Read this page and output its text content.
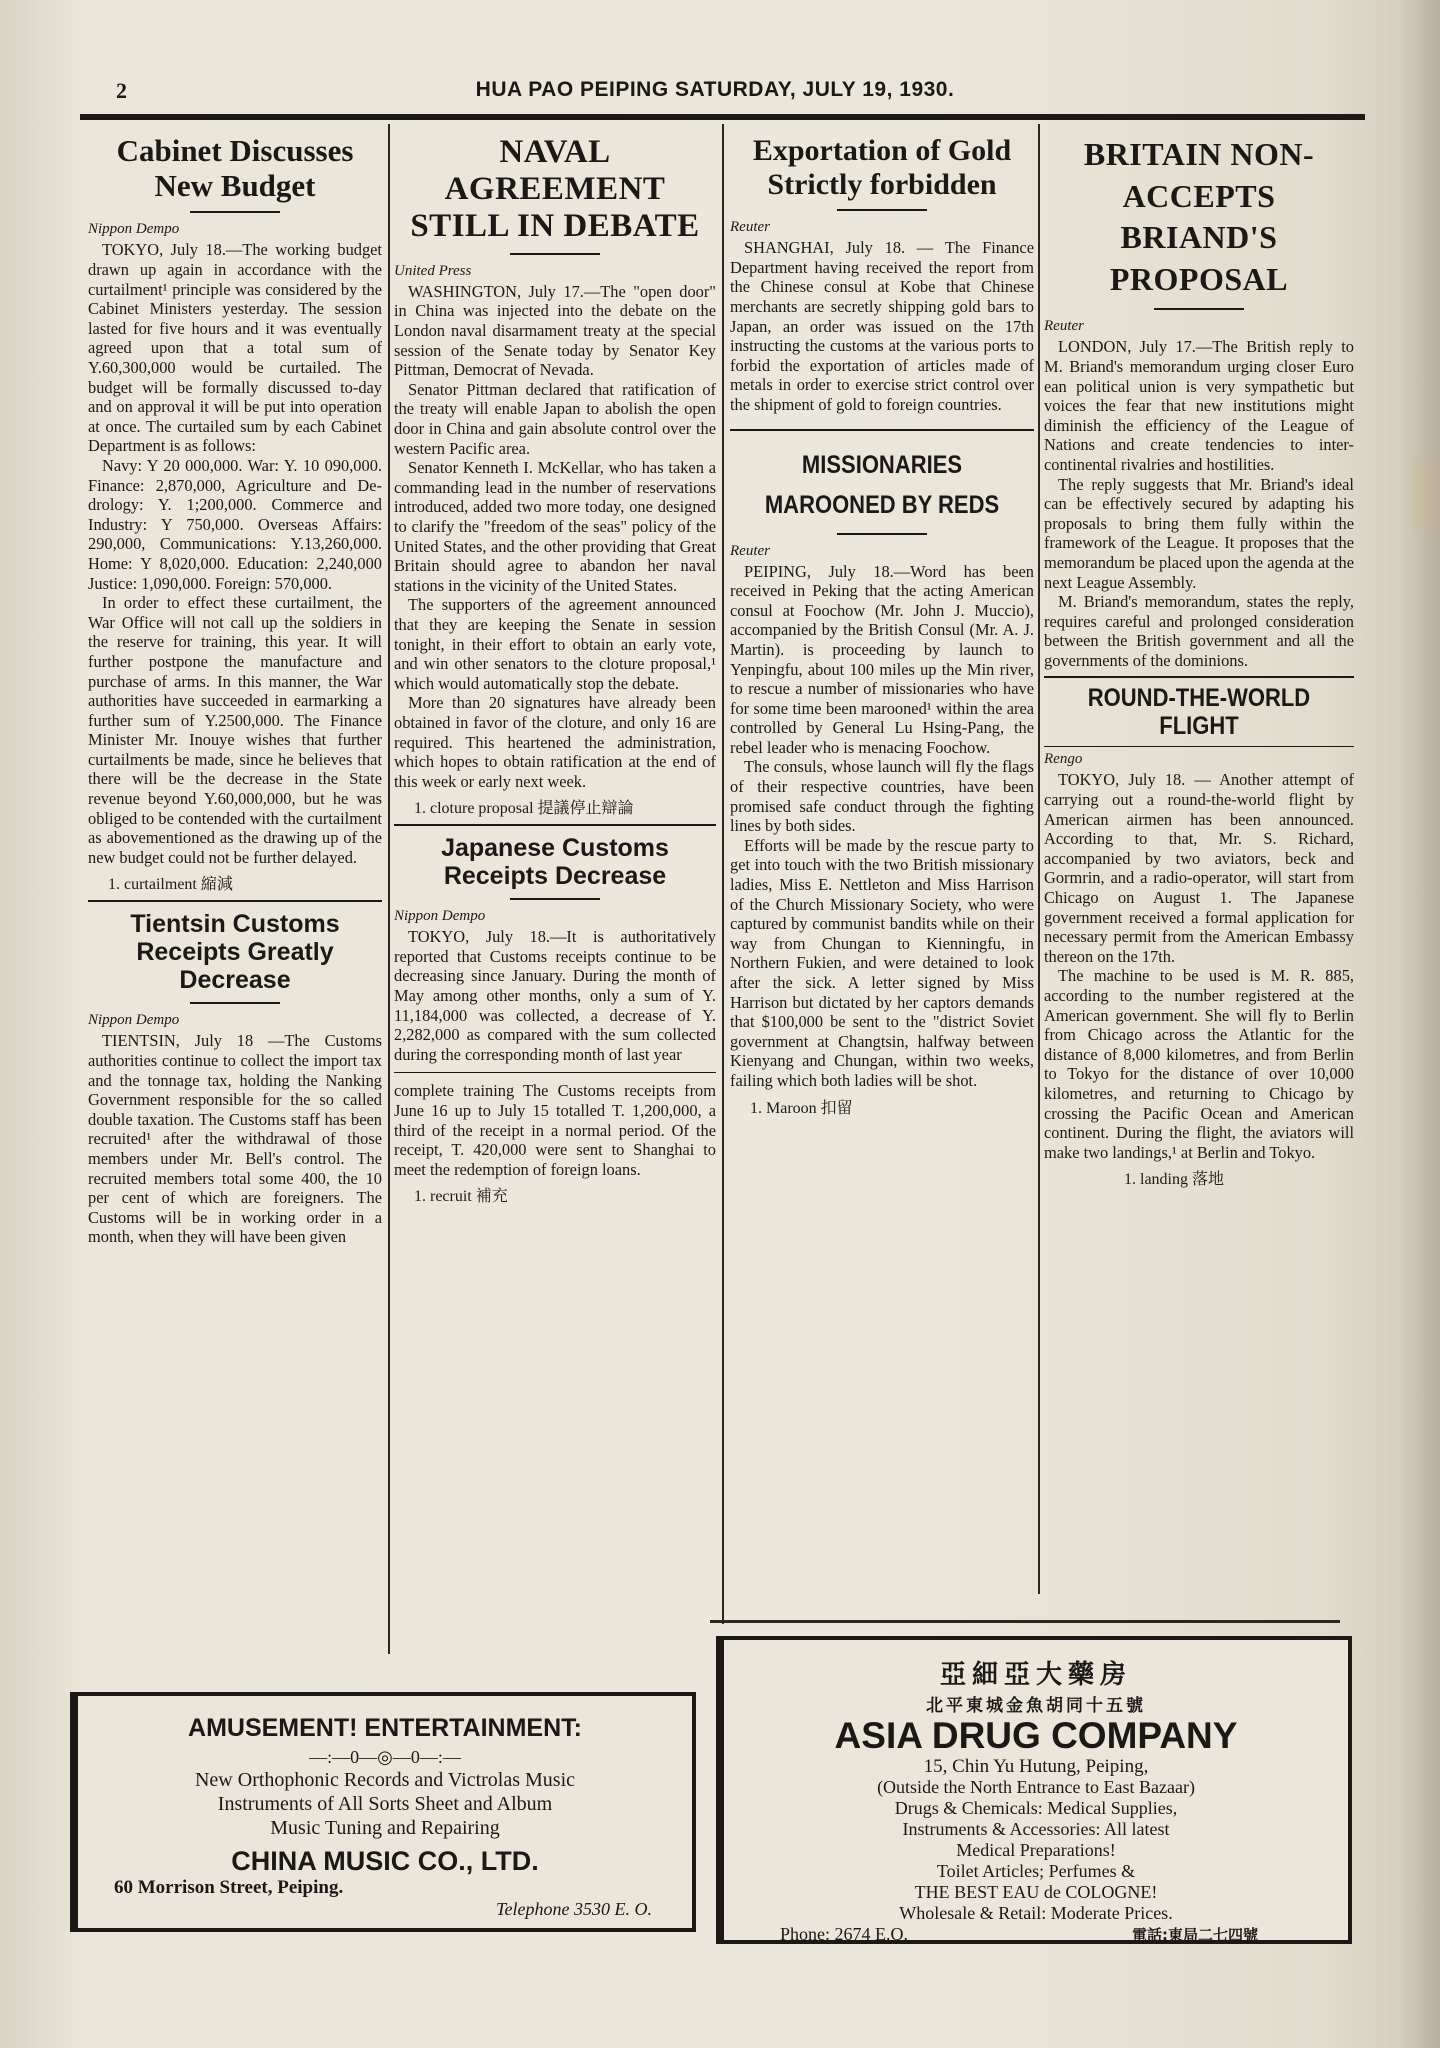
2	HUA PAO PEIPING SATURDAY, JULY 19, 1930.
Cabinet Discusses New Budget
Nippon Dempo

TOKYO, July 18.—The working budget drawn up again in accordance with the curtailment¹ principle was considered by the Cabinet Ministers yesterday. The session lasted for five hours and it was eventually agreed upon that a total sum of Y.60,300,000 would be curtailed. The budget will be formally discussed to-day and on approval it will be put into operation at once. The curtailed sum by each Cabinet Department is as follows:

Navy: Y 20 000,000. War: Y. 10 090,000. Finance: 2,870,000, Agriculture and De-drology: Y. 1;200,000. Commerce and Industry: Y 750,000. Overseas Affairs: 290,000, Communications: Y.13,260,000. Home: Y 8,020,000. Education: 2,240,000 Justice: 1,090,000. Foreign: 570,000.

In order to effect these curtailment, the War Office will not call up the soldiers in the reserve for training, this year. It will further postpone the manufacture and purchase of arms. In this manner, the War authorities have succeeded in earmarking a further sum of Y.2500,000. The Finance Minister Mr. Inouye wishes that further curtailments be made, since he believes that there will be the decrease in the State revenue beyond Y.60,000,000, but he was obliged to be contended with the curtailment as abovementioned as the drawing up of the new budget could not be further delayed.

1. curtailment 縮減
Tientsin Customs Receipts Greatly Decrease
Nippon Dempo

TIENTSIN, July 18 —The Customs authorities continue to collect the import tax and the tonnage tax, holding the Nanking Government responsible for the so called double taxation. The Customs staff has been recruited¹ after the withdrawal of those members under Mr. Bell's control. The recruited members total some 400, the 10 per cent of which are foreigners. The Customs will be in working order in a month, when they will have been given

NAVAL AGREEMENT STILL IN DEBATE
United Press

WASHINGTON, July 17.—The "open door" in China was injected into the debate on the London naval disarmament treaty at the special session of the Senate today by Senator Key Pittman, Democrat of Nevada.

Senator Pittman declared that ratification of the treaty will enable Japan to abolish the open door in China and gain absolute control over the western Pacific area.

Senator Kenneth I. McKellar, who has taken a commanding lead in the number of reservations introduced, added two more today, one designed to clarify the "freedom of the seas" policy of the United States, and the other providing that Great Britain should agree to abandon her naval stations in the vicinity of the United States.

The supporters of the agreement announced that they are keeping the Senate in session tonight, in their effort to obtain an early vote, and win other senators to the cloture proposal,¹ which would automatically stop the debate.

More than 20 signatures have already been obtained in favor of the cloture, and only 16 are required. This heartened the administration, which hopes to obtain ratification at the end of this week or early next week.

1. cloture proposal 提議停止辯論
Japanese Customs Receipts Decrease
Nippon Dempo

TOKYO, July 18.—It is authoritatively reported that Customs receipts continue to be decreasing since January. During the month of May among other months, only a sum of Y. 11,184,000 was collected, a decrease of Y. 2,282,000 as compared with the sum collected during the corresponding month of last year

complete training The Customs receipts from June 16 up to July 15 totalled T. 1,200,000, a third of the receipt in a normal period. Of the receipt, T. 420,000 were sent to Shanghai to meet the redemption of foreign loans.

1. recruit 補充
Exportation of Gold Strictly forbidden
Reuter

SHANGHAI, July 18. — The Finance Department having received the report from the Chinese consul at Kobe that Chinese merchants are secretly shipping gold bars to Japan, an order was issued on the 17th instructing the customs at the various ports to forbid the exportation of articles made of metals in order to exercise strict control over the shipment of gold to foreign countries.

MISSIONARIES MAROONED BY REDS
Reuter

PEIPING, July 18.—Word has been received in Peking that the acting American consul at Foochow (Mr. John J. Muccio), accompanied by the British Consul (Mr. A. J. Martin). is proceeding by launch to Yenpingfu, about 100 miles up the Min river, to rescue a number of missionaries who have for some time been marooned¹ within the area controlled by General Lu Hsing-Pang, the rebel leader who is menacing Foochow.

The consuls, whose launch will fly the flags of their respective countries, have been promised safe conduct through the fighting lines by both sides.

Efforts will be made by the rescue party to get into touch with the two British missionary ladies, Miss E. Nettleton and Miss Harrison of the Church Missionary Society, who were captured by communist bandits while on their way from Chungan to Kienningfu, in Northern Fukien, and were detained to look after the sick. A letter signed by Miss Harrison but dictated by her captors demands that $100,000 be sent to the "district Soviet government at Changtsin, halfway between Kienyang and Chungan, within two weeks, failing which both ladies will be shot.

1. Maroon 扣留
BRITAIN NON-ACCEPTS BRIAND'S PROPOSAL
Reuter

LONDON, July 17.—The British reply to M. Briand's memorandum urging closer Euro ean political union is very sympathetic but voices the fear that new institutions might diminish the efficiency of the League of Nations and create tendencies to inter-continental rivalries and hostilities.

The reply suggests that Mr. Briand's ideal can be effectively secured by adapting his proposals to bring them fully within the framework of the League. It proposes that the memorandum be placed upon the agenda at the next League Assembly.

M. Briand's memorandum, states the reply, requires careful and prolonged consideration between the British government and all the governments of the dominions.

ROUND-THE-WORLD FLIGHT
Rengo

TOKYO, July 18. — Another attempt of carrying out a round-the-world flight by American airmen has been announced. According to that, Mr. S. Richard, accompanied by two aviators, beck and Gormrin, and a radio-operator, will start from Chicago on August 1. The Japanese government received a formal application for necessary permit from the American Embassy thereon on the 17th.

The machine to be used is M. R. 885, according to the number registered at the American government. She will fly to Berlin from Chicago across the Atlantic for the distance of 8,000 kilometres, and from Berlin to Tokyo for the distance of over 10,000 kilometres, and returning to Chicago by crossing the Pacific Ocean and American continent. During the flight, the aviators will make two landings,¹ at Berlin and Tokyo.

1. landing 落地
AMUSEMENT! ENTERTAINMENT:
—:—0—◎—0—:—
New Orthophonic Records and Victrolas Music
Instruments of All Sorts Sheet and Album
Music Tuning and Repairing
CHINA MUSIC CO., LTD.
60 Morrison Street, Peiping.
Telephone 3530 E. O.
亞細亞大藥房
北平東城金魚胡同十五號
ASIA DRUG COMPANY
15, Chin Yu Hutung, Peiping,
(Outside the North Entrance to East Bazaar)
Drugs & Chemicals: Medical Supplies,
Instruments & Accessories: All latest
Medical Preparations!
Toilet Articles; Perfumes &
THE BEST EAU de COLOGNE!
Wholesale & Retail: Moderate Prices.
Phone: 2674 E.O.	電話:東局二七四號
